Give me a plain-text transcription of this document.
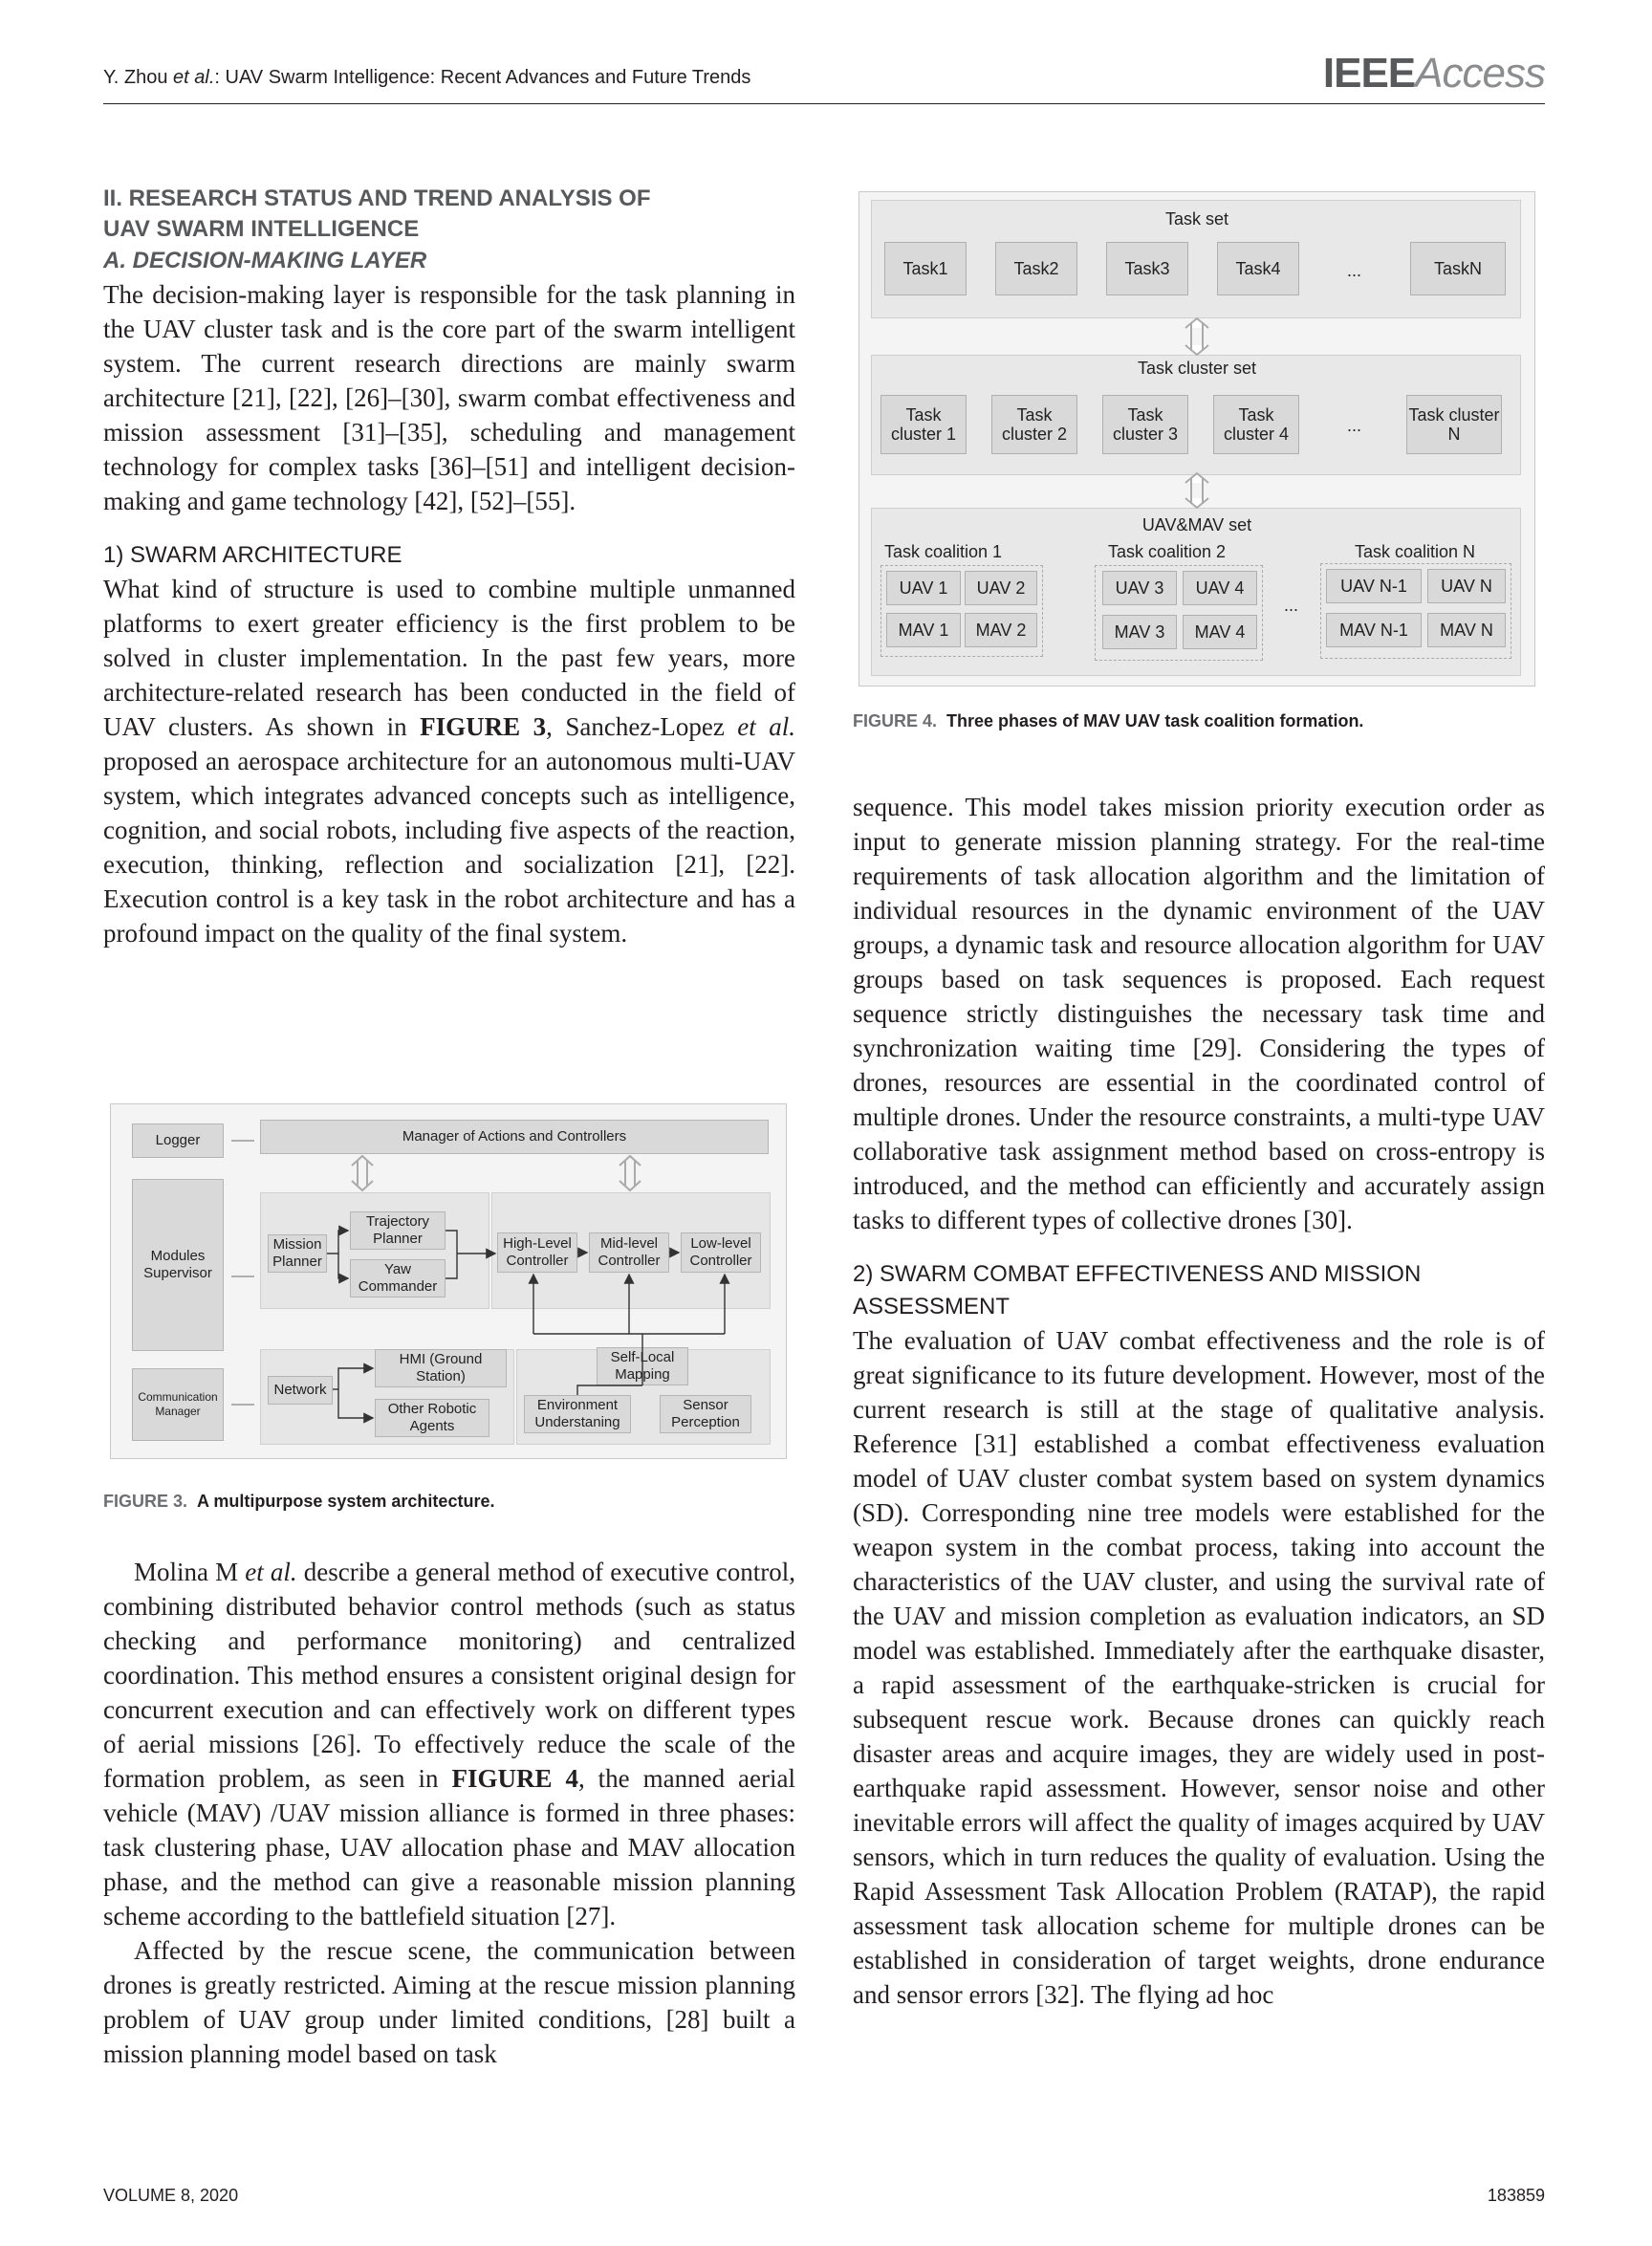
Y. Zhou et al.: UAV Swarm Intelligence: Recent Advances and Future Trends	IEEEAccess
II. RESEARCH STATUS AND TREND ANALYSIS OF
UAV SWARM INTELLIGENCE
A. DECISION-MAKING LAYER

The decision-making layer is responsible for the task planning in the UAV cluster task and is the core part of the swarm intelligent system. The current research directions are mainly swarm architecture [21], [22], [26]–[30], swarm combat effectiveness and mission assessment [31]–[35], scheduling and management technology for complex tasks [36]–[51] and intelligent decision-making and game technology [42], [52]–[55].

1) SWARM ARCHITECTURE

What kind of structure is used to combine multiple unmanned platforms to exert greater efficiency is the first problem to be solved in cluster implementation. In the past few years, more architecture-related research has been conducted in the field of UAV clusters. As shown in FIGURE 3, Sanchez-Lopez et al. proposed an aerospace architecture for an autonomous multi-UAV system, which integrates advanced concepts such as intelligence, cognition, and social robots, including five aspects of the reaction, execution, thinking, reflection and socialization [21], [22]. Execution control is a key task in the robot architecture and has a profound impact on the quality of the final system.

Logger	Manager of Actions and Controllers
Modules Supervisor
Mission Planner
Trajectory Planner
Yaw Commander
High-Level Controller
Mid-level Controller
Low-level Controller
Communication Manager
Network
HMI (Ground Station)
Other Robotic Agents
Self-Local Mapping
Environment Understaning
Sensor Perception
FIGURE 3. A multipurpose system architecture.

Molina M et al. describe a general method of executive control, combining distributed behavior control methods (such as status checking and performance monitoring) and centralized coordination. This method ensures a consistent original design for concurrent execution and can effectively work on different types of aerial missions [26]. To effectively reduce the scale of the formation problem, as seen in FIGURE 4, the manned aerial vehicle (MAV) /UAV mission alliance is formed in three phases: task clustering phase, UAV allocation phase and MAV allocation phase, and the method can give a reasonable mission planning scheme according to the battlefield situation [27].

Affected by the rescue scene, the communication between drones is greatly restricted. Aiming at the rescue mission planning problem of UAV group under limited conditions, [28] built a mission planning model based on task

Task set
Task1	Task2	Task3	Task4	...	TaskN
Task cluster set
Task cluster 1
Task cluster 2
Task cluster 3
Task cluster 4	...
Task cluster N
UAV&MAV set
Task coalition 1	Task coalition 2	Task coalition N
UAV 1 UAV 2
MAV 1 MAV 2
UAV 3 UAV 4
MAV 3 MAV 4
...
UAV N-1 UAV N
MAV N-1 MAV N
FIGURE 4. Three phases of MAV UAV task coalition formation.

sequence. This model takes mission priority execution order as input to generate mission planning strategy. For the real-time requirements of task allocation algorithm and the limitation of individual resources in the dynamic environment of the UAV groups, a dynamic task and resource allocation algorithm for UAV groups based on task sequences is proposed. Each request sequence strictly distinguishes the necessary task time and synchronization waiting time [29]. Considering the types of drones, resources are essential in the coordinated control of multiple drones. Under the resource constraints, a multi-type UAV collaborative task assignment method based on cross-entropy is introduced, and the method can efficiently and accurately assign tasks to different types of collective drones [30].

2) SWARM COMBAT EFFECTIVENESS AND MISSION
ASSESSMENT

The evaluation of UAV combat effectiveness and the role is of great significance to its future development. However, most of the current research is still at the stage of qualitative analysis. Reference [31] established a combat effectiveness evaluation model of UAV cluster combat system based on system dynamics (SD). Corresponding nine tree models were established for the weapon system in the combat process, taking into account the characteristics of the UAV cluster, and using the survival rate of the UAV and mission completion as evaluation indicators, an SD model was established. Immediately after the earthquake disaster, a rapid assessment of the earthquake-stricken is crucial for subsequent rescue work. Because drones can quickly reach disaster areas and acquire images, they are widely used in post-earthquake rapid assessment. However, sensor noise and other inevitable errors will affect the quality of images acquired by UAV sensors, which in turn reduces the quality of evaluation. Using the Rapid Assessment Task Allocation Problem (RATAP), the rapid assessment task allocation scheme for multiple drones can be established in consideration of target weights, drone endurance and sensor errors [32]. The flying ad hoc

VOLUME 8, 2020	183859
